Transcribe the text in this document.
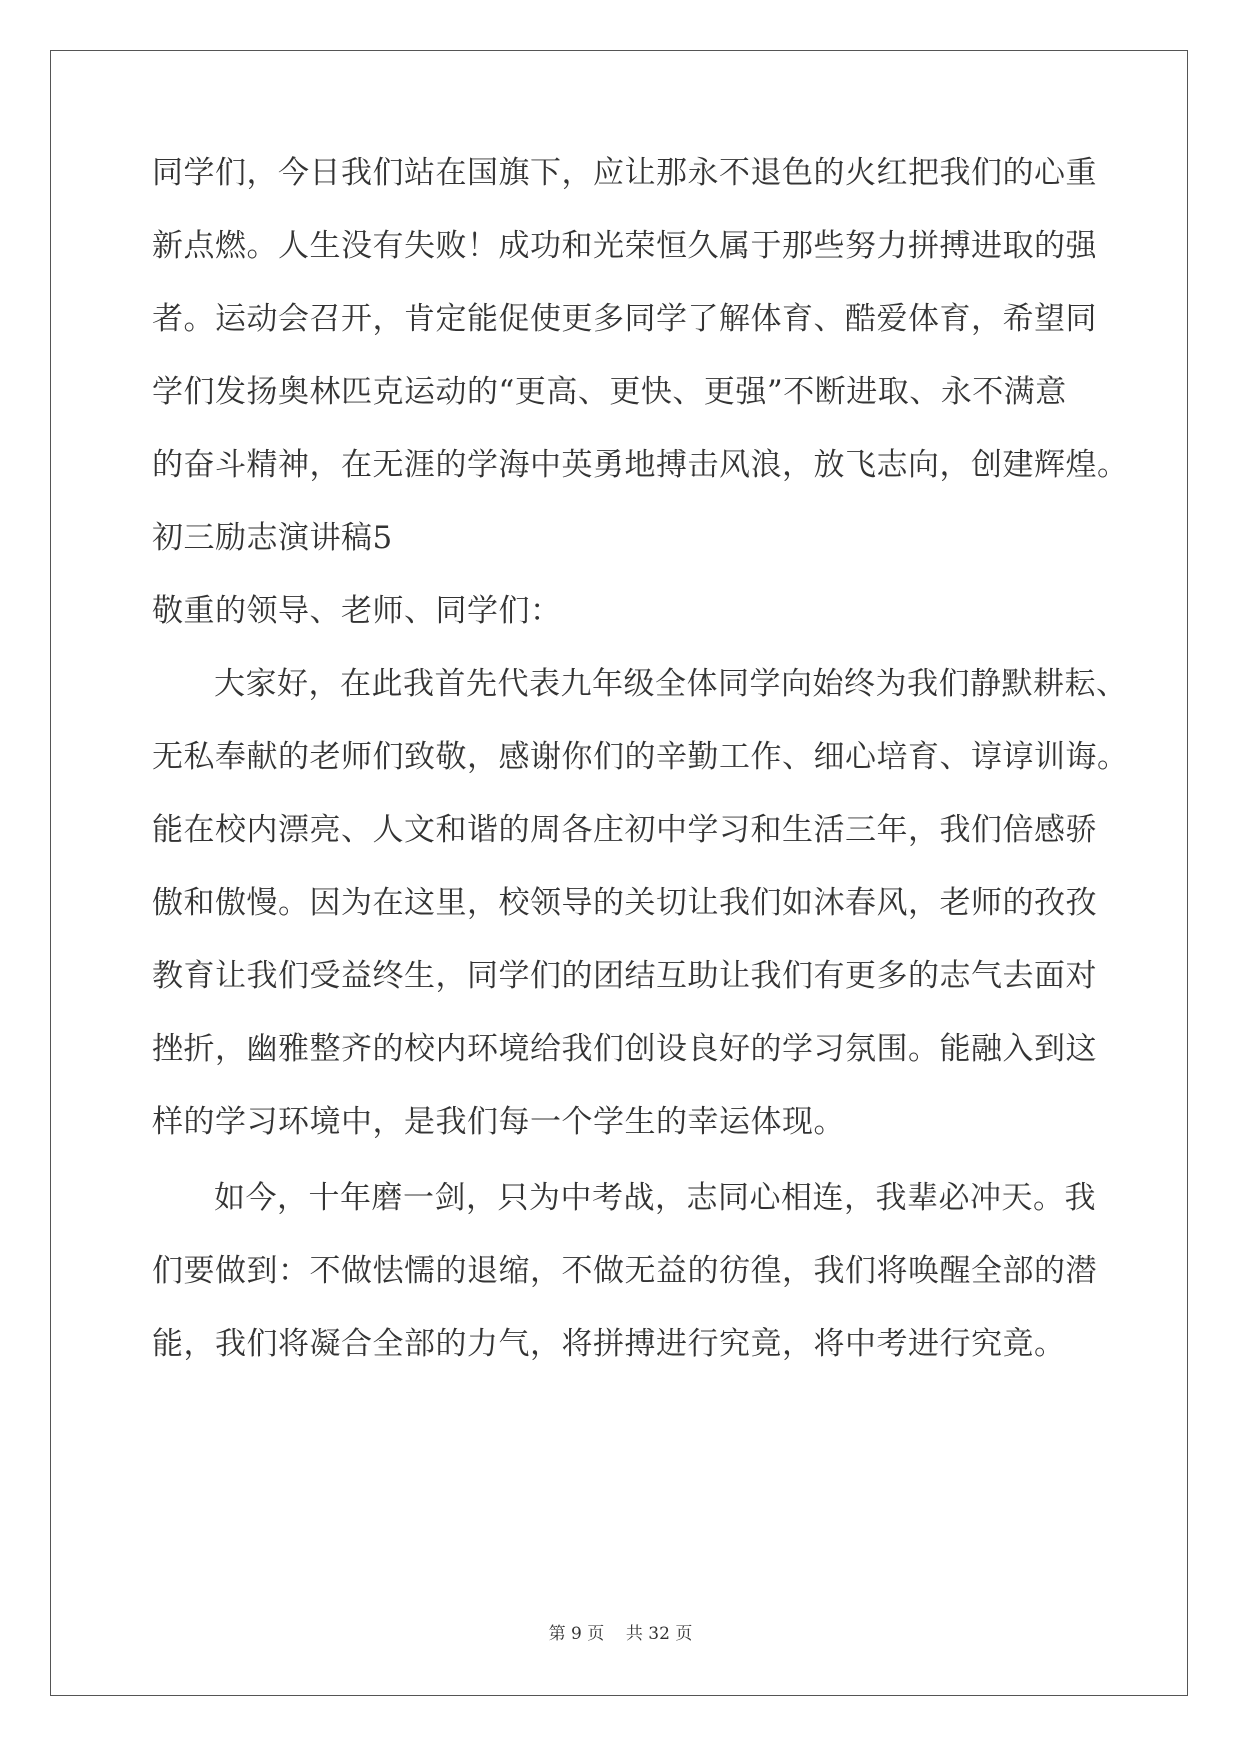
同学们，今日我们站在国旗下，应让那永不退色的火红把我们的心重

新点燃。人生没有失败！成功和光荣恒久属于那些努力拼搏进取的强

者。运动会召开，肯定能促使更多同学了解体育、酷爱体育，希望同

学们发扬奥林匹克运动的“更高、更快、更强”不断进取、永不满意

的奋斗精神，在无涯的学海中英勇地搏击风浪，放飞志向，创建辉煌。

初三励志演讲稿5

敬重的领导、老师、同学们：

大家好，在此我首先代表九年级全体同学向始终为我们静默耕耘、

无私奉献的老师们致敬，感谢你们的辛勤工作、细心培育、谆谆训诲。

能在校内漂亮、人文和谐的周各庄初中学习和生活三年，我们倍感骄

傲和傲慢。因为在这里，校领导的关切让我们如沐春风，老师的孜孜

教育让我们受益终生，同学们的团结互助让我们有更多的志气去面对

挫折，幽雅整齐的校内环境给我们创设良好的学习氛围。能融入到这

样的学习环境中，是我们每一个学生的幸运体现。

如今，十年磨一剑，只为中考战，志同心相连，我辈必冲天。我

们要做到：不做怯懦的退缩，不做无益的彷徨，我们将唤醒全部的潜

能，我们将凝合全部的力气，将拼搏进行究竟，将中考进行究竟。

第 9 页    共 32 页
